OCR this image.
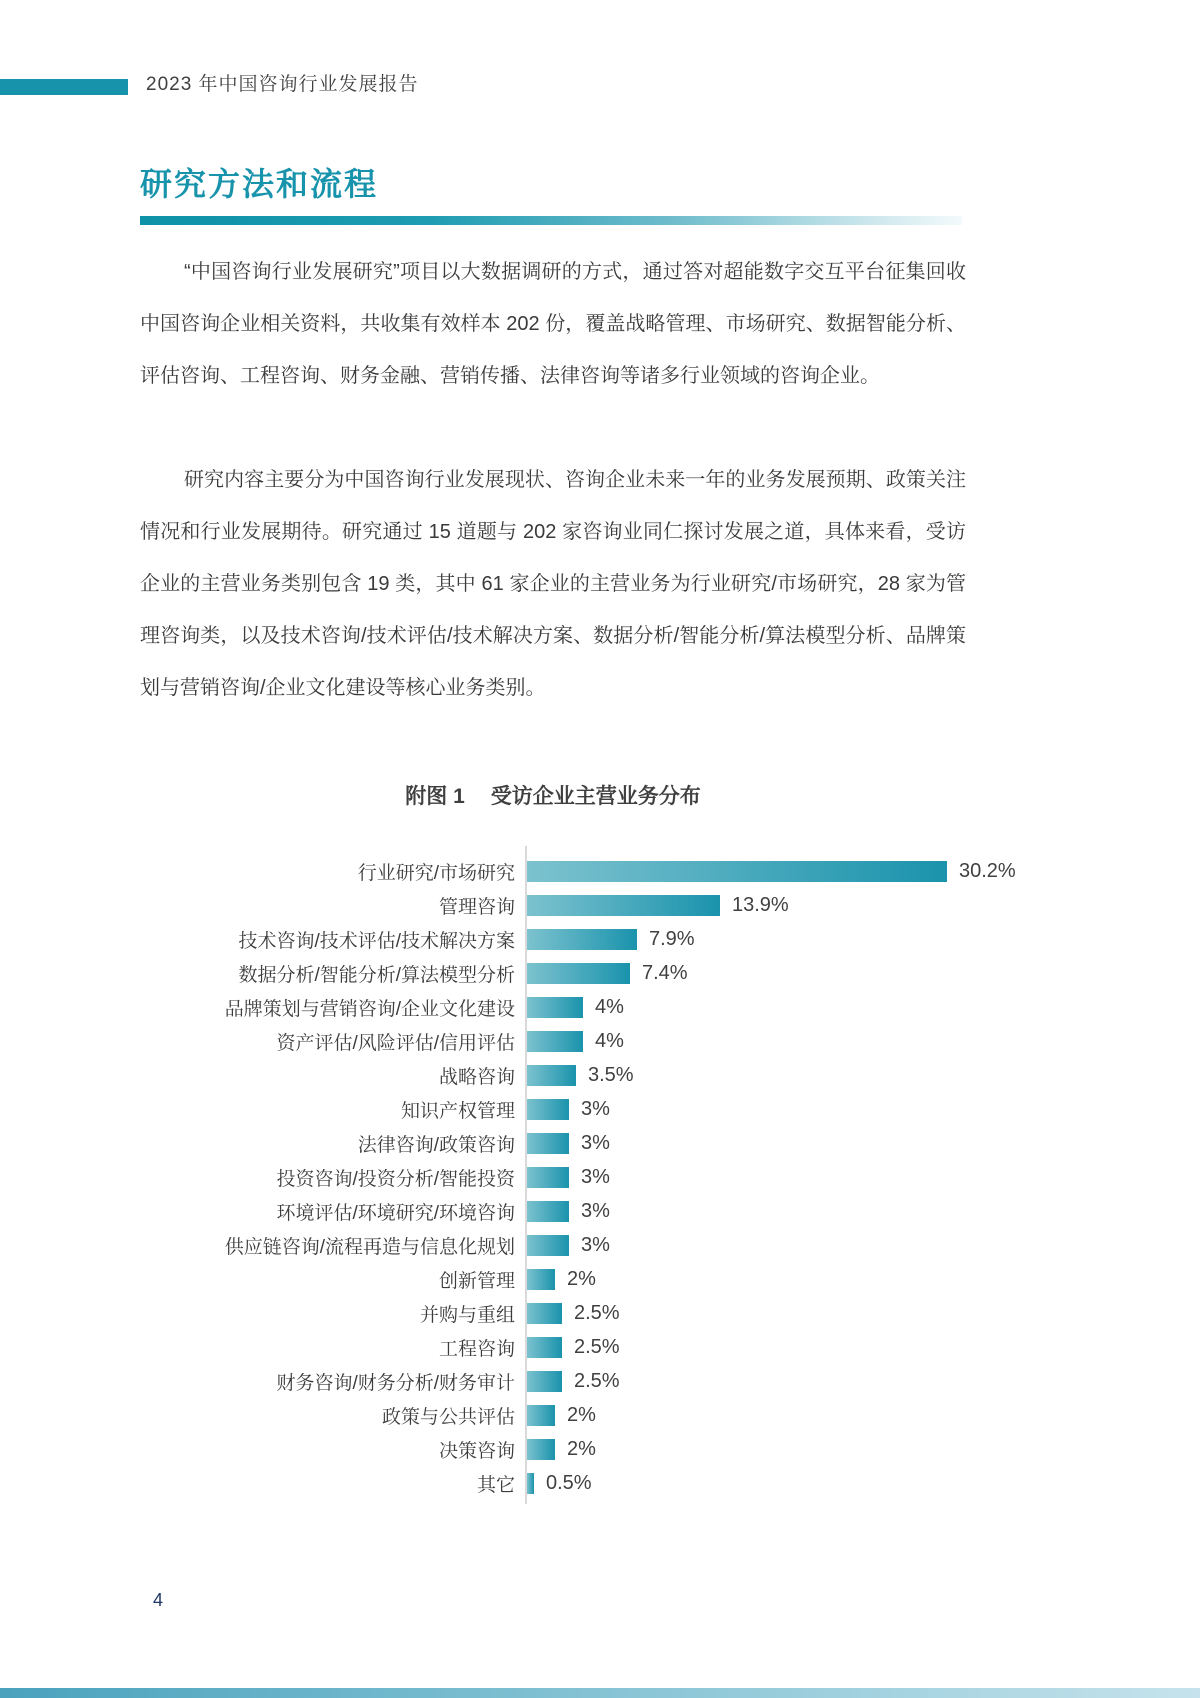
2023 年中国咨询行业发展报告
研究方法和流程

“中国咨询行业发展研究”项目以大数据调研的方式，通过答对超能数字交互平台征集回收中国咨询企业相关资料，共收集有效样本 202 份，覆盖战略管理、市场研究、数据智能分析、评估咨询、工程咨询、财务金融、营销传播、法律咨询等诸多行业领域的咨询企业。

研究内容主要分为中国咨询行业发展现状、咨询企业未来一年的业务发展预期、政策关注情况和行业发展期待。研究通过 15 道题与 202 家咨询业同仁探讨发展之道，具体来看，受访企业的主营业务类别包含 19 类，其中 61 家企业的主营业务为行业研究/市场研究，28 家为管理咨询类，以及技术咨询/技术评估/技术解决方案、数据分析/智能分析/算法模型分析、品牌策划与营销咨询/企业文化建设等核心业务类别。

附图 1 受访企业主营业务分布
行业研究/市场研究	30.2%
管理咨询	13.9%
技术咨询/技术评估/技术解决方案	7.9%
数据分析/智能分析/算法模型分析	7.4%
品牌策划与营销咨询/企业文化建设	4%
资产评估/风险评估/信用评估	4%
战略咨询	3.5%
知识产权管理	3%
法律咨询/政策咨询	3%
投资咨询/投资分析/智能投资	3%
环境评估/环境研究/环境咨询	3%
供应链咨询/流程再造与信息化规划	3%
创新管理	2%
并购与重组	2.5%
工程咨询	2.5%
财务咨询/财务分析/财务审计	2.5%
政策与公共评估	2%
决策咨询	2%
其它 0.5%
4
